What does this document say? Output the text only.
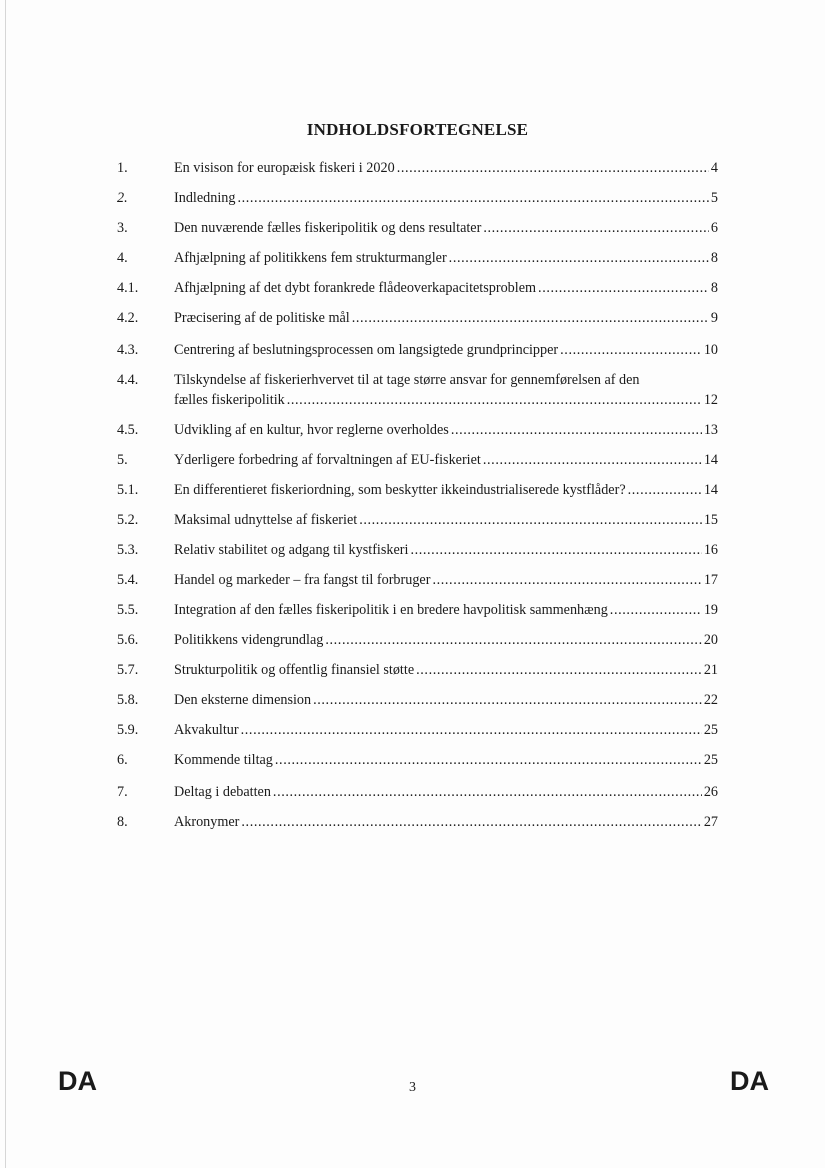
INDHOLDSFORTEGNELSE
1.	En visison for europæisk fiskeri i 2020 .....	4
2.	Indledning .....	5
3.	Den nuværende fælles fiskeripolitik og dens resultater .....	6
4.	Afhjælpning af politikkens fem strukturmangler .....	8
4.1.	Afhjælpning af det dybt forankrede flådeoverkapacitetsproblem .....	8
4.2.	Præcisering af de politiske mål .....	9
4.3.	Centrering af beslutningsprocessen om langsigtede grundprincipper .....	10
4.4.	Tilskyndelse af fiskerierhvervet til at tage større ansvar for gennemførelsen af den
fælles fiskeripolitik .....	12
4.5.	Udvikling af en kultur, hvor reglerne overholdes .....	13
5.	Yderligere forbedring af forvaltningen af EU-fiskeriet .....	14
5.1.	En differentieret fiskeriordning, som beskytter ikkeindustrialiserede kystflåder? .....	14
5.2.	Maksimal udnyttelse af fiskeriet .....	15
5.3.	Relativ stabilitet og adgang til kystfiskeri .....	16
5.4.	Handel og markeder – fra fangst til forbruger .....	17
5.5.	Integration af den fælles fiskeripolitik i en bredere havpolitisk sammenhæng .....	19
5.6.	Politikkens videngrundlag .....	20
5.7.	Strukturpolitik og offentlig finansiel støtte .....	21
5.8.	Den eksterne dimension .....	22
5.9.	Akvakultur .....	25
6.	Kommende tiltag .....	25
7.	Deltag i debatten .....	26
8.	Akronymer .....	27
DA	3	DA
